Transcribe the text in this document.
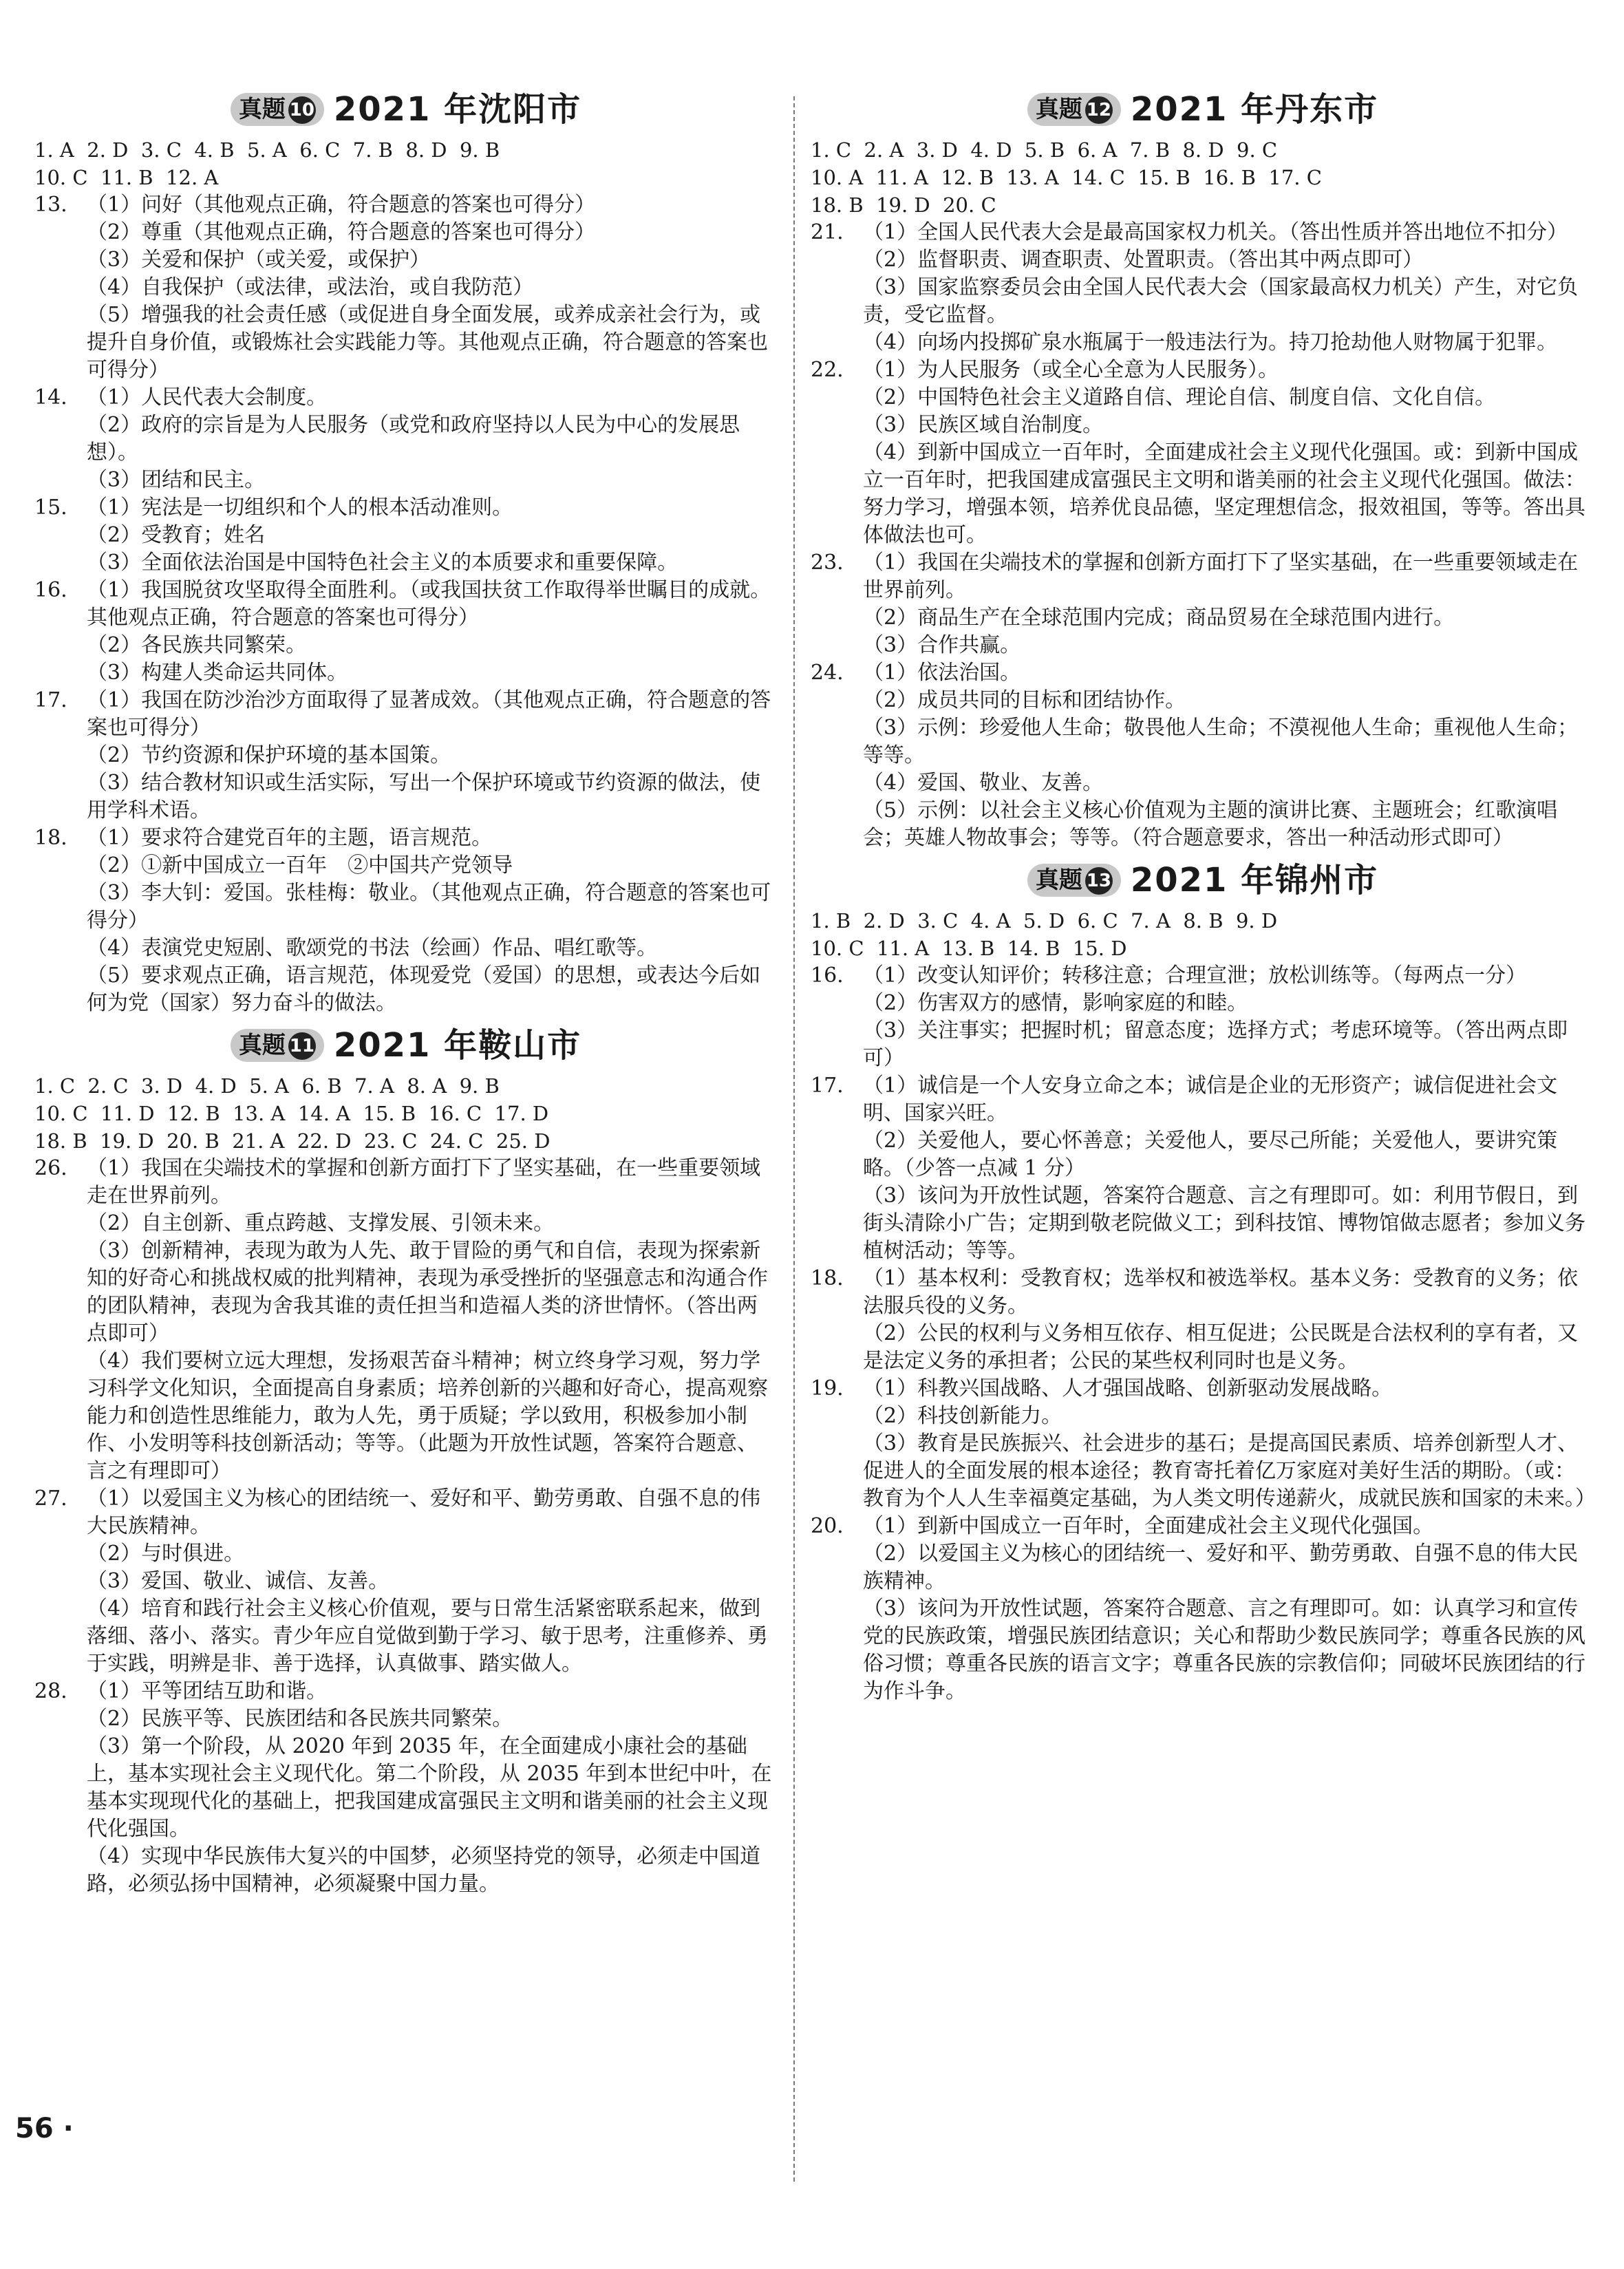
真题 10 2021 年沈阳市
1. A  2. D  3. C  4. B  5. A  6. C  7. B  8. D  9. B
10. C  11. B  12. A
13. （1）问好（其他观点正确，符合题意的答案也可得分）

（2）尊重（其他观点正确，符合题意的答案也可得分）

（3）关爱和保护（或关爱，或保护）

（4）自我保护（或法律，或法治，或自我防范）

（5）增强我的社会责任感（或促进自身全面发展，或养成亲社会行为，或提升自身价值，或锻炼社会实践能力等。其他观点正确，符合题意的答案也可得分）

14. （1）人民代表大会制度。

（2）政府的宗旨是为人民服务（或党和政府坚持以人民为中心的发展思想）。

（3）团结和民主。

15. （1）宪法是一切组织和个人的根本活动准则。

（2）受教育；姓名

（3）全面依法治国是中国特色社会主义的本质要求和重要保障。

16. （1）我国脱贫攻坚取得全面胜利。（或我国扶贫工作取得举世瞩目的成就。其他观点正确，符合题意的答案也可得分）

（2）各民族共同繁荣。

（3）构建人类命运共同体。

17. （1）我国在防沙治沙方面取得了显著成效。（其他观点正确，符合题意的答案也可得分）

（2）节约资源和保护环境的基本国策。

（3）结合教材知识或生活实际，写出一个保护环境或节约资源的做法，使用学科术语。

18. （1）要求符合建党百年的主题，语言规范。

（2）①新中国成立一百年　②中国共产党领导

（3）李大钊：爱国。张桂梅：敬业。（其他观点正确，符合题意的答案也可得分）

（4）表演党史短剧、歌颂党的书法（绘画）作品、唱红歌等。

（5）要求观点正确，语言规范，体现爱党（爱国）的思想，或表达今后如何为党（国家）努力奋斗的做法。

真题 11 2021 年鞍山市
1. C  2. C  3. D  4. D  5. A  6. B  7. A  8. A  9. B
10. C  11. D  12. B  13. A  14. A  15. B  16. C  17. D
18. B  19. D  20. B  21. A  22. D  23. C  24. C  25. D
26. （1）我国在尖端技术的掌握和创新方面打下了坚实基础，在一些重要领域走在世界前列。

（2）自主创新、重点跨越、支撑发展、引领未来。

（3）创新精神，表现为敢为人先、敢于冒险的勇气和自信，表现为探索新知的好奇心和挑战权威的批判精神，表现为承受挫折的坚强意志和沟通合作的团队精神，表现为舍我其谁的责任担当和造福人类的济世情怀。（答出两点即可）

（4）我们要树立远大理想，发扬艰苦奋斗精神；树立终身学习观，努力学习科学文化知识，全面提高自身素质；培养创新的兴趣和好奇心，提高观察能力和创造性思维能力，敢为人先，勇于质疑；学以致用，积极参加小制作、小发明等科技创新活动；等等。（此题为开放性试题，答案符合题意、言之有理即可）

27. （1）以爱国主义为核心的团结统一、爱好和平、勤劳勇敢、自强不息的伟大民族精神。

（2）与时俱进。

（3）爱国、敬业、诚信、友善。

（4）培育和践行社会主义核心价值观，要与日常生活紧密联系起来，做到落细、落小、落实。青少年应自觉做到勤于学习、敏于思考，注重修养、勇于实践，明辨是非、善于选择，认真做事、踏实做人。

28. （1）平等团结互助和谐。

（2）民族平等、民族团结和各民族共同繁荣。

（3）第一个阶段，从 2020 年到 2035 年，在全面建成小康社会的基础上，基本实现社会主义现代化。第二个阶段，从 2035 年到本世纪中叶，在基本实现现代化的基础上，把我国建成富强民主文明和谐美丽的社会主义现代化强国。

（4）实现中华民族伟大复兴的中国梦，必须坚持党的领导，必须走中国道路，必须弘扬中国精神，必须凝聚中国力量。

真题 12 2021 年丹东市
1. C  2. A  3. D  4. D  5. B  6. A  7. B  8. D  9. C
10. A  11. A  12. B  13. A  14. C  15. B  16. B  17. C
18. B  19. D  20. C
21. （1）全国人民代表大会是最高国家权力机关。（答出性质并答出地位不扣分）

（2）监督职责、调查职责、处置职责。（答出其中两点即可）

（3）国家监察委员会由全国人民代表大会（国家最高权力机关）产生，对它负责，受它监督。

（4）向场内投掷矿泉水瓶属于一般违法行为。持刀抢劫他人财物属于犯罪。

22. （1）为人民服务（或全心全意为人民服务）。

（2）中国特色社会主义道路自信、理论自信、制度自信、文化自信。

（3）民族区域自治制度。

（4）到新中国成立一百年时，全面建成社会主义现代化强国。或：到新中国成立一百年时，把我国建成富强民主文明和谐美丽的社会主义现代化强国。做法：努力学习，增强本领，培养优良品德，坚定理想信念，报效祖国，等等。答出具体做法也可。

23. （1）我国在尖端技术的掌握和创新方面打下了坚实基础，在一些重要领域走在世界前列。

（2）商品生产在全球范围内完成；商品贸易在全球范围内进行。

（3）合作共赢。

24. （1）依法治国。

（2）成员共同的目标和团结协作。

（3）示例：珍爱他人生命；敬畏他人生命；不漠视他人生命；重视他人生命；等等。

（4）爱国、敬业、友善。

（5）示例：以社会主义核心价值观为主题的演讲比赛、主题班会；红歌演唱会；英雄人物故事会；等等。（符合题意要求，答出一种活动形式即可）

真题 13 2021 年锦州市
1. B  2. D  3. C  4. A  5. D  6. C  7. A  8. B  9. D
10. C  11. A  13. B  14. B  15. D
16. （1）改变认知评价；转移注意；合理宣泄；放松训练等。（每两点一分）

（2）伤害双方的感情，影响家庭的和睦。

（3）关注事实；把握时机；留意态度；选择方式；考虑环境等。（答出两点即可）

17. （1）诚信是一个人安身立命之本；诚信是企业的无形资产；诚信促进社会文明、国家兴旺。

（2）关爱他人，要心怀善意；关爱他人，要尽己所能；关爱他人，要讲究策略。（少答一点减 1 分）

（3）该问为开放性试题，答案符合题意、言之有理即可。如：利用节假日，到街头清除小广告；定期到敬老院做义工；到科技馆、博物馆做志愿者；参加义务植树活动；等等。

18. （1）基本权利：受教育权；选举权和被选举权。基本义务：受教育的义务；依法服兵役的义务。

（2）公民的权利与义务相互依存、相互促进；公民既是合法权利的享有者，又是法定义务的承担者；公民的某些权利同时也是义务。

19. （1）科教兴国战略、人才强国战略、创新驱动发展战略。

（2）科技创新能力。

（3）教育是民族振兴、社会进步的基石；是提高国民素质、培养创新型人才、促进人的全面发展的根本途径；教育寄托着亿万家庭对美好生活的期盼。（或：教育为个人人生幸福奠定基础，为人类文明传递薪火，成就民族和国家的未来。）

20. （1）到新中国成立一百年时，全面建成社会主义现代化强国。

（2）以爱国主义为核心的团结统一、爱好和平、勤劳勇敢、自强不息的伟大民族精神。

（3）该问为开放性试题，答案符合题意、言之有理即可。如：认真学习和宣传党的民族政策，增强民族团结意识；关心和帮助少数民族同学；尊重各民族的风俗习惯；尊重各民族的语言文字；尊重各民族的宗教信仰；同破坏民族团结的行为作斗争。

56 ·
